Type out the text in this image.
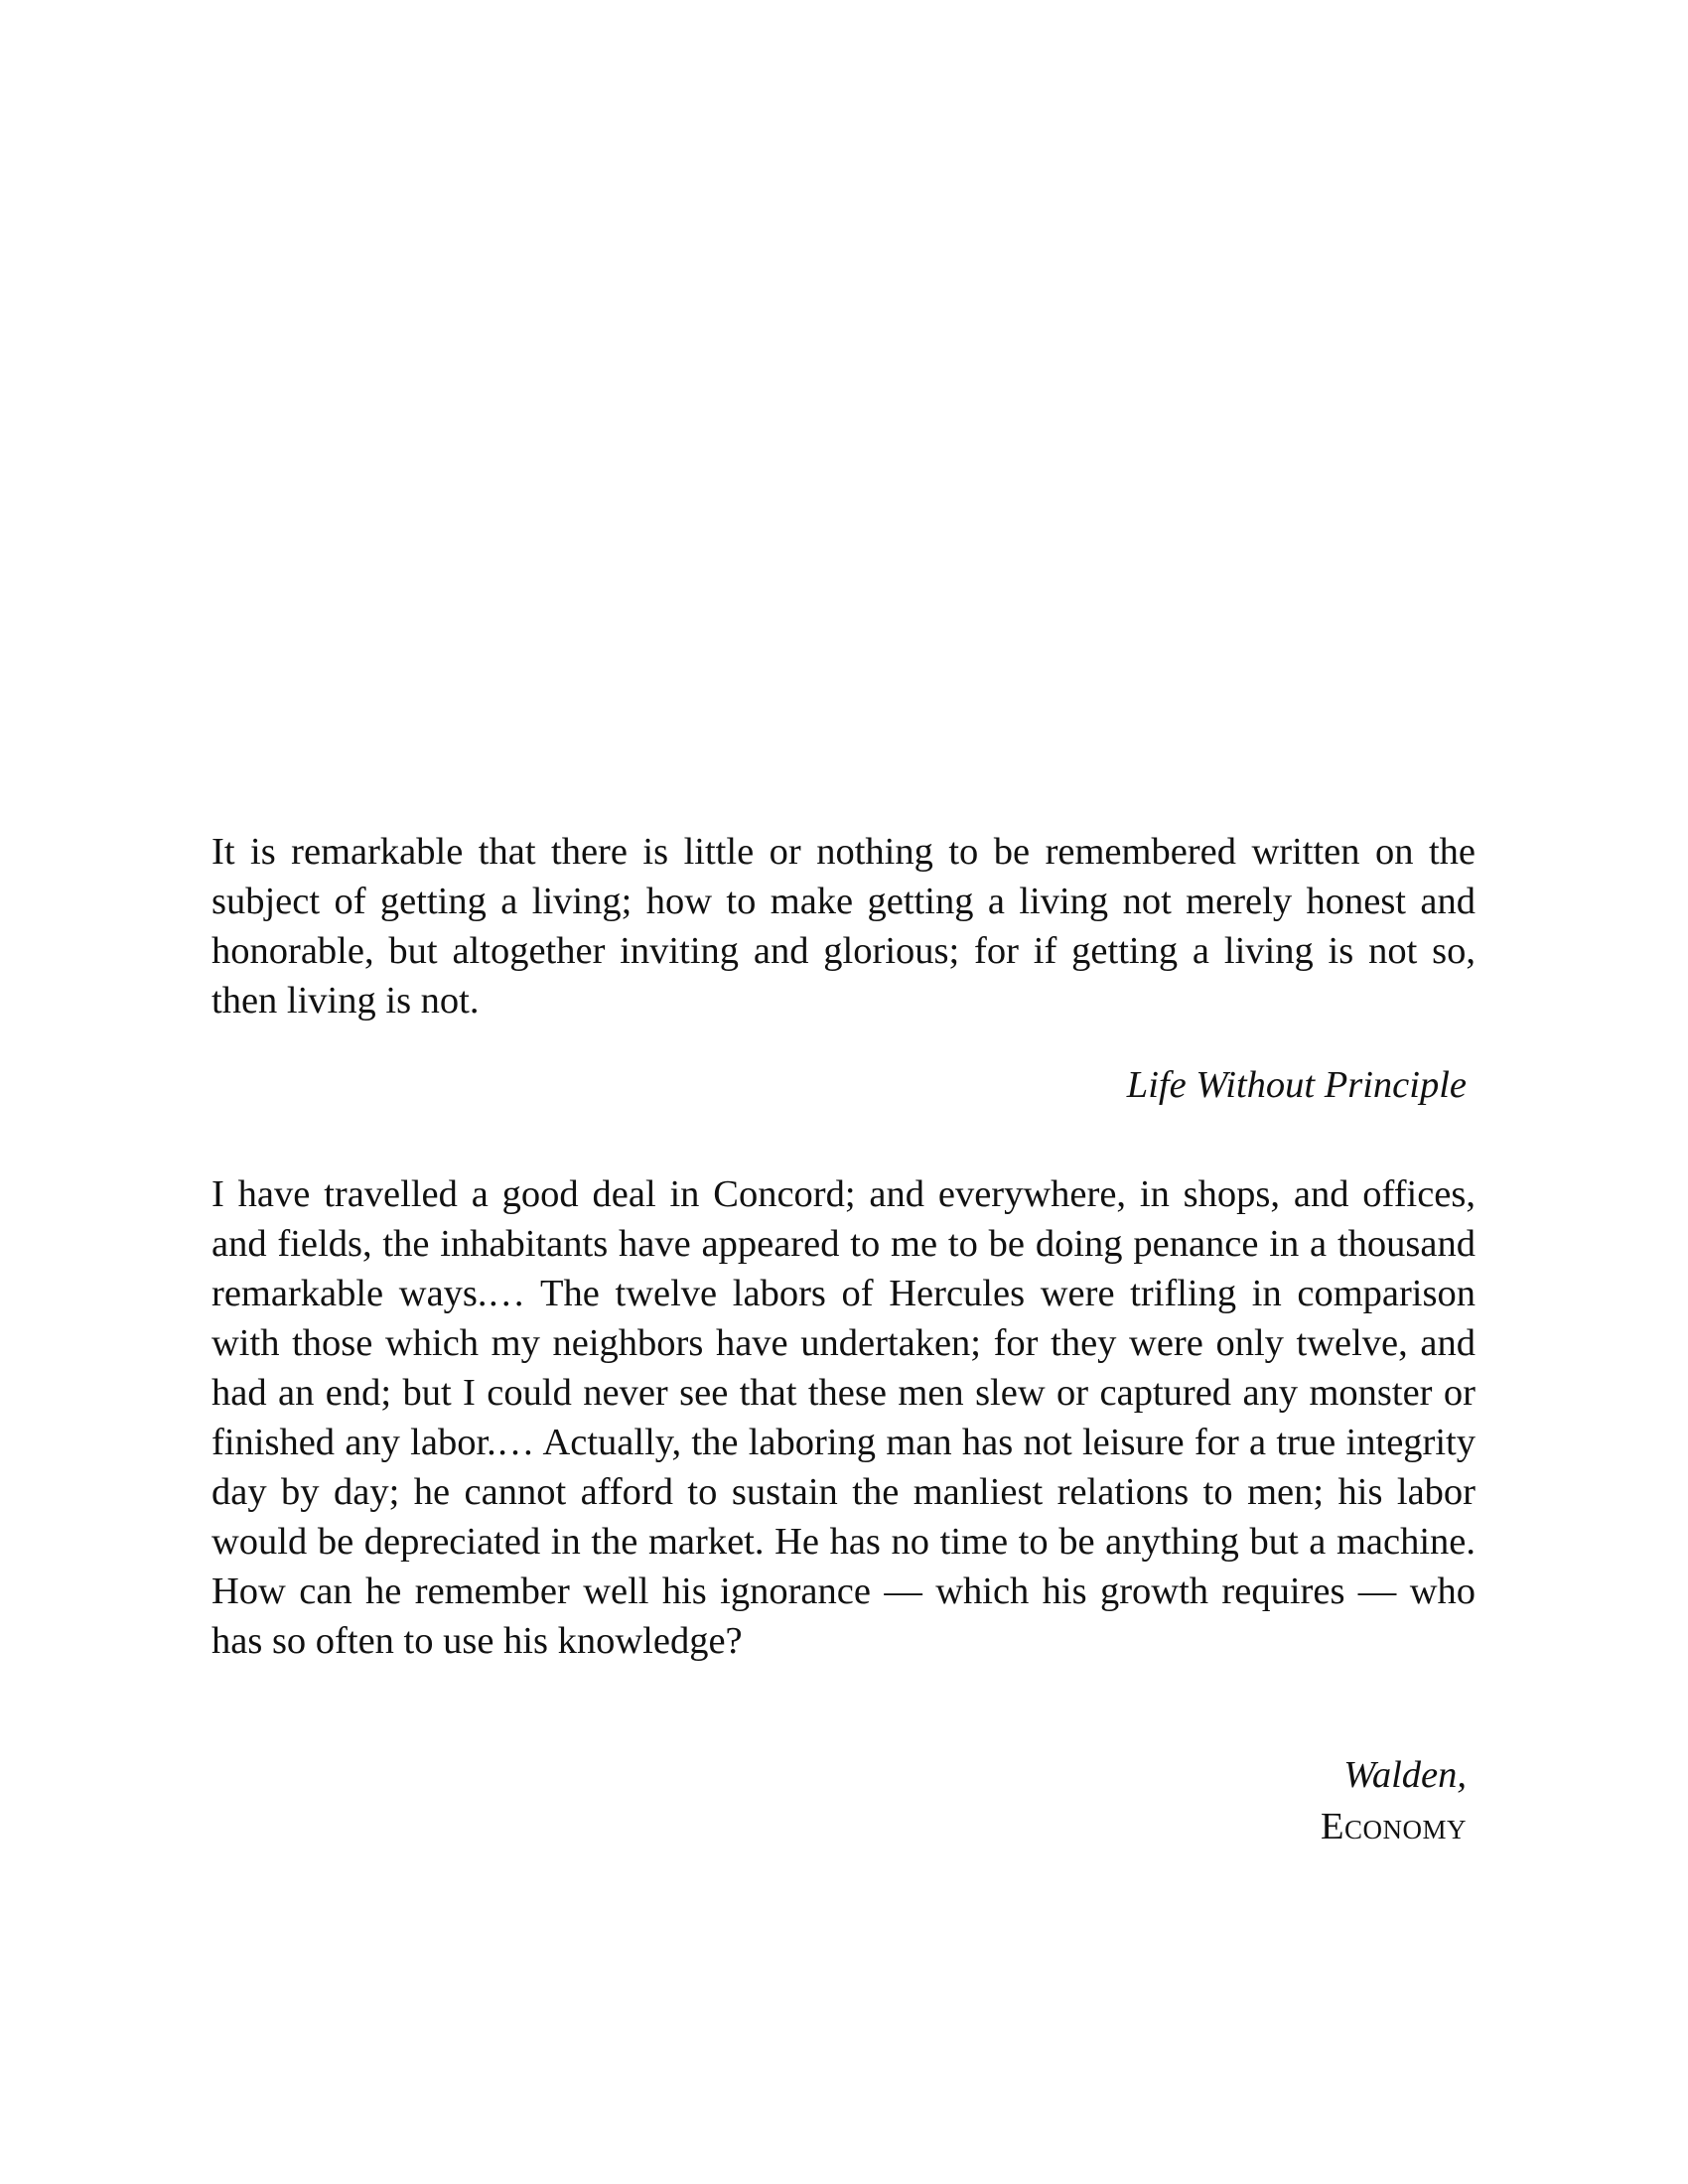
It is remarkable that there is little or nothing to be remembered written on the subject of getting a living; how to make getting a living not merely honest and honorable, but altogether inviting and glorious; for if getting a living is not so, then living is not.

Life Without Principle

I have travelled a good deal in Concord; and everywhere, in shops, and offices, and fields, the inhabitants have appeared to me to be doing penance in a thousand remarkable ways.… The twelve labors of Hercules were trifling in comparison with those which my neighbors have undertaken; for they were only twelve, and had an end; but I could never see that these men slew or captured any monster or finished any labor.… Actually, the laboring man has not leisure for a true integrity day by day; he cannot afford to sustain the manliest relations to men; his labor would be depreciated in the market. He has no time to be anything but a machine. How can he remember well his ignorance — which his growth requires — who has so often to use his knowledge?

Walden,

Economy
